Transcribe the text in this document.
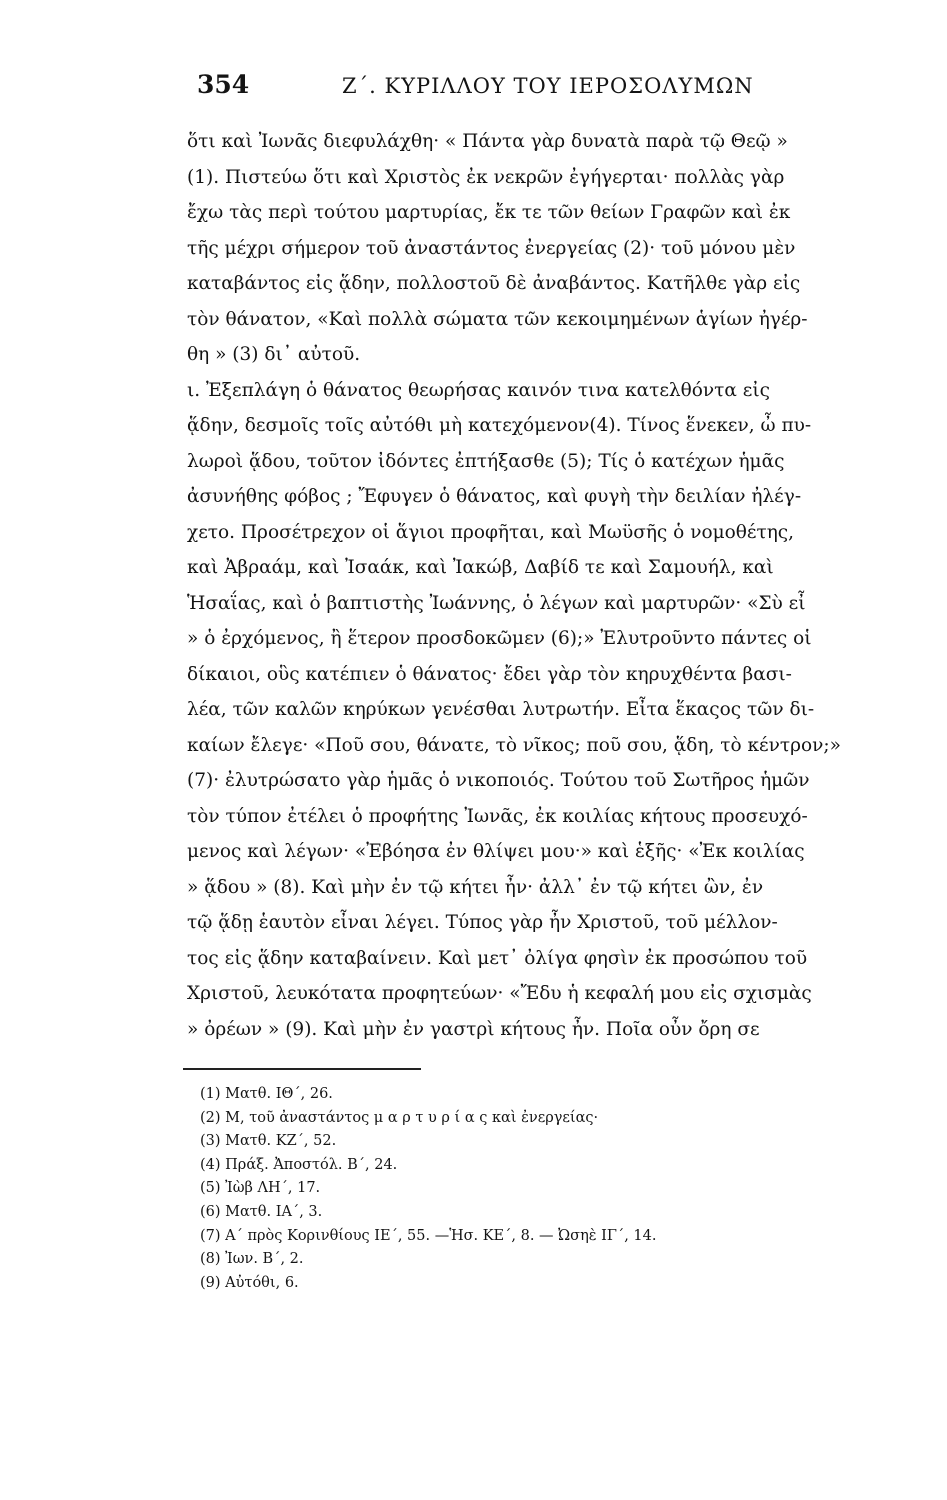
354	Ζ΄. ΚΥΡΙΛΛΟΥ ΤΟΥ ΙΕΡΟΣΟΛΥΜΩΝ
ὅτι καὶ Ἰωνᾶς διεφυλάχθη· « Πάντα γὰρ δυνατὰ παρὰ τῷ Θεῷ »
(1). Πιστεύω ὅτι καὶ Χριστὸς ἐκ νεκρῶν ἐγήγερται· πολλὰς γὰρ
ἔχω τὰς περὶ τούτου μαρτυρίας, ἔκ τε τῶν θείων Γραφῶν καὶ ἐκ
τῆς μέχρι σήμερον τοῦ ἀναστάντος ἐνεργείας (2)· τοῦ μόνου μὲν
καταβάντος εἰς ᾅδην, πολλοστοῦ δὲ ἀναβάντος. Κατῆλθε γὰρ εἰς
τὸν θάνατον, «Καὶ πολλὰ σώματα τῶν κεκοιμημένων ἁγίων ἠγέρ-
θη » (3) δι᾽ αὐτοῦ.
ι. Ἐξεπλάγη ὁ θάνατος θεωρήσας καινόν τινα κατελθόντα εἰς
ᾅδην, δεσμοῖς τοῖς αὐτόθι μὴ κατεχόμενον(4). Τίνος ἕνεκεν, ὦ πυ-
λωροὶ ᾅδου, τοῦτον ἰδόντες ἐπτήξασθε (5); Τίς ὁ κατέχων ἡμᾶς
ἀσυνήθης φόβος ; Ἔφυγεν ὁ θάνατος, καὶ φυγὴ τὴν δειλίαν ἠλέγ-
χετο. Προσέτρεχον οἱ ἅγιοι προφῆται, καὶ Μωϋσῆς ὁ νομοθέτης,
καὶ Ἀβραάμ, καὶ Ἰσαάκ, καὶ Ἰακώβ, Δαβίδ τε καὶ Σαμουήλ, καὶ
Ἡσαΐας, καὶ ὁ βαπτιστὴς Ἰωάννης, ὁ λέγων καὶ μαρτυρῶν· «Σὺ εἶ
» ὁ ἐρχόμενος, ἢ ἕτερον προσδοκῶμεν (6);» Ἐλυτροῦντο πάντες οἱ
δίκαιοι, οὓς κατέπιεν ὁ θάνατος· ἔδει γὰρ τὸν κηρυχθέντα βασι-
λέα, τῶν καλῶν κηρύκων γενέσθαι λυτρωτήν. Εἶτα ἕκαςος τῶν δι-
καίων ἔλεγε· «Ποῦ σου, θάνατε, τὸ νῖκος; ποῦ σου, ᾅδη, τὸ κέντρον;»
(7)· ἐλυτρώσατο γὰρ ἡμᾶς ὁ νικοποιός. Τούτου τοῦ Σωτῆρος ἡμῶν
τὸν τύπον ἐτέλει ὁ προφήτης Ἰωνᾶς, ἐκ κοιλίας κήτους προσευχό-
μενος καὶ λέγων· «Ἐβόησα ἐν θλίψει μου·» καὶ ἑξῆς· «Ἐκ κοιλίας
» ᾅδου » (8). Καὶ μὴν ἐν τῷ κήτει ἦν· ἀλλ᾽ ἐν τῷ κήτει ὢν, ἐν
τῷ ᾅδῃ ἑαυτὸν εἶναι λέγει. Τύπος γὰρ ἦν Χριστοῦ, τοῦ μέλλον-
τος εἰς ᾅδην καταβαίνειν. Καὶ μετ᾽ ὀλίγα φησὶν ἐκ προσώπου τοῦ
Χριστοῦ, λευκότατα προφητεύων· «Ἔδυ ἡ κεφαλή μου εἰς σχισμὰς
» ὀρέων » (9). Καὶ μὴν ἐν γαστρὶ κήτους ἦν. Ποῖα οὖν ὄρη σε
(1) Ματθ. ΙΘ΄, 26.
(2) Μ, τοῦ ἀναστάντος μ α ρ τ υ ρ ί α ς καὶ ἐνεργείας·
(3) Ματθ. ΚΖ΄, 52.
(4) Πράξ. Ἀποστόλ. Β΄, 24.
(5) Ἰὼβ ΛΗ΄, 17.
(6) Ματθ. ΙΑ΄, 3.
(7) Α΄ πρὸς Κορινθίους ΙΕ΄, 55. —Ἡσ. ΚΕ΄, 8. — Ὠσηὲ ΙΓ΄, 14.
(8) Ἰων. Β΄, 2.
(9) Αὐτόθι, 6.
